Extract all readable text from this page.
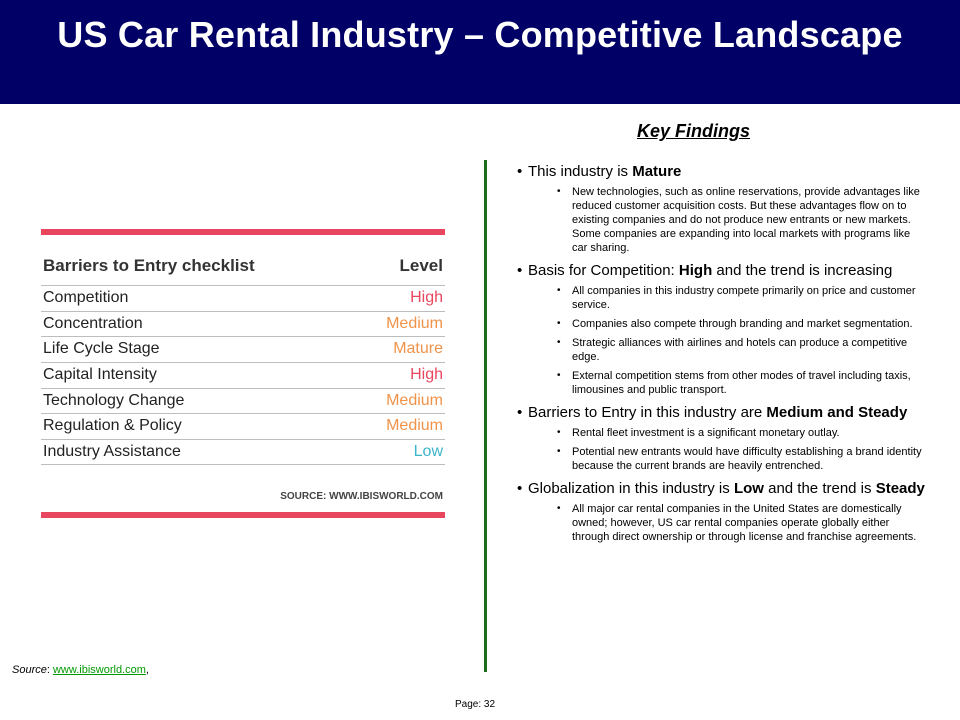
US Car Rental Industry – Competitive Landscape
Barriers to Entry checklist	Level
Competition	High
Concentration	Medium
Life Cycle Stage	Mature
Capital Intensity	High
Technology Change	Medium
Regulation & Policy	Medium
Industry Assistance	Low
SOURCE: WWW.IBISWORLD.COM
Source: www.ibisworld.com,
Page: 32
Key Findings
• This industry is Mature
• New technologies, such as online reservations, provide advantages like reduced customer acquisition costs. But these advantages flow on to existing companies and do not produce new entrants or new markets. Some companies are expanding into local markets with programs like car sharing.
• Basis for Competition: High and the trend is increasing
• All companies in this industry compete primarily on price and customer service.
• Companies also compete through branding and market segmentation.
• Strategic alliances with airlines and hotels can produce a competitive edge.
• External competition stems from other modes of travel including taxis, limousines and public transport.
• Barriers to Entry in this industry are Medium and Steady
• Rental fleet investment is a significant monetary outlay.
• Potential new entrants would have difficulty establishing a brand identity because the current brands are heavily entrenched.
• Globalization in this industry is Low and the trend is Steady
• All major car rental companies in the United States are domestically owned; however, US car rental companies operate globally either through direct ownership or through license and franchise agreements.
